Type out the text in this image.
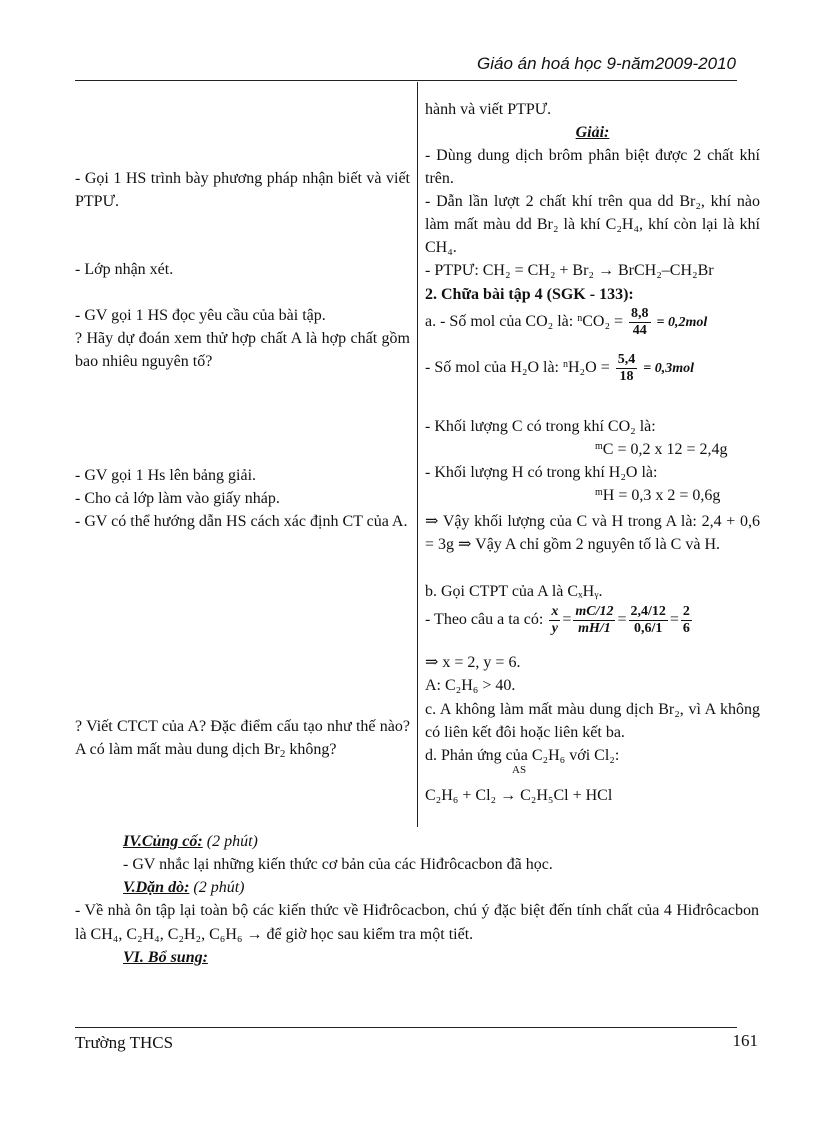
Giáo án hoá học 9-năm2009-2010
- Gọi 1 HS trình bày phương pháp nhận biết và viết PTPƯ.
- Lớp nhận xét.
- GV gọi 1 HS đọc yêu cầu của bài tập.
? Hãy dự đoán xem thử hợp chất A là hợp chất gồm bao nhiêu nguyên tố?
- GV gọi 1 Hs lên bảng giải.
- Cho cả lớp làm vào giấy nháp.
- GV có thể hướng dẫn HS cách xác định CT của A.
? Viết CTCT của A? Đặc điểm cấu tạo như thế nào? A có làm mất màu dung dịch $Br_2$ không?
hành và viết PTPƯ.
Giải:
- Dùng dung dịch brôm phân biệt được 2 chất khí trên.
- Dẫn lần lượt 2 chất khí trên qua dd Br₂, khí nào làm mất màu dd Br₂ là khí C₂H₄, khí còn lại là khí CH₄.
- PTPƯ: CH₂ = CH₂ + Br₂ → BrCH₂–CH₂Br
2. Chữa bài tập 4 (SGK - 133):
a. - Số mol của CO₂ là: $^nCO_2 = \frac{8,8}{44} = 0,2mol$
- Số mol của H₂O là: $^nH_2O = \frac{5,4}{18} = 0,3mol$
- Khối lượng C có trong khí CO₂ là:
$^m$C = 0,2 x 12 = 2,4g
- Khối lượng H có trong khí H₂O là:
$^m$H = 0,3 x 2 = 0,6g
⇒ Vậy khối lượng của C và H trong A là: 2,4 + 0,6 = 3g ⇒ Vậy A chỉ gồm 2 nguyên tố là C và H.
b. Gọi CTPT của A là CₓHᵧ.
- Theo câu a ta có: $\frac{x}{y} = \frac{mC/12}{mH/1} = \frac{2,4/12}{0,6/1} = \frac{2}{6}$
⇒ x = 2, y = 6.
A: C₂H₆ > 40.
c. A không làm mất màu dung dịch Br₂, vì A không có liên kết đôi hoặc liên kết ba.
d. Phản ứng của C₂H₆ với Cl₂:
AS
C₂H₆ + Cl₂ → C₂H₅Cl + HCl
IV.Củng cố: (2 phút)
- GV nhắc lại những kiến thức cơ bản của các Hiđrôcacbon đã học.
V.Dặn dò: (2 phút)
- Về nhà ôn tập lại toàn bộ các kiến thức về Hiđrôcacbon, chú ý đặc biệt đến tính chất của 4 Hiđrôcacbon là CH₄, C₂H₄, C₂H₂, C₆H₆ → để giờ học sau kiểm tra một tiết.
VI. Bổ sung:
Trường THCS	161
